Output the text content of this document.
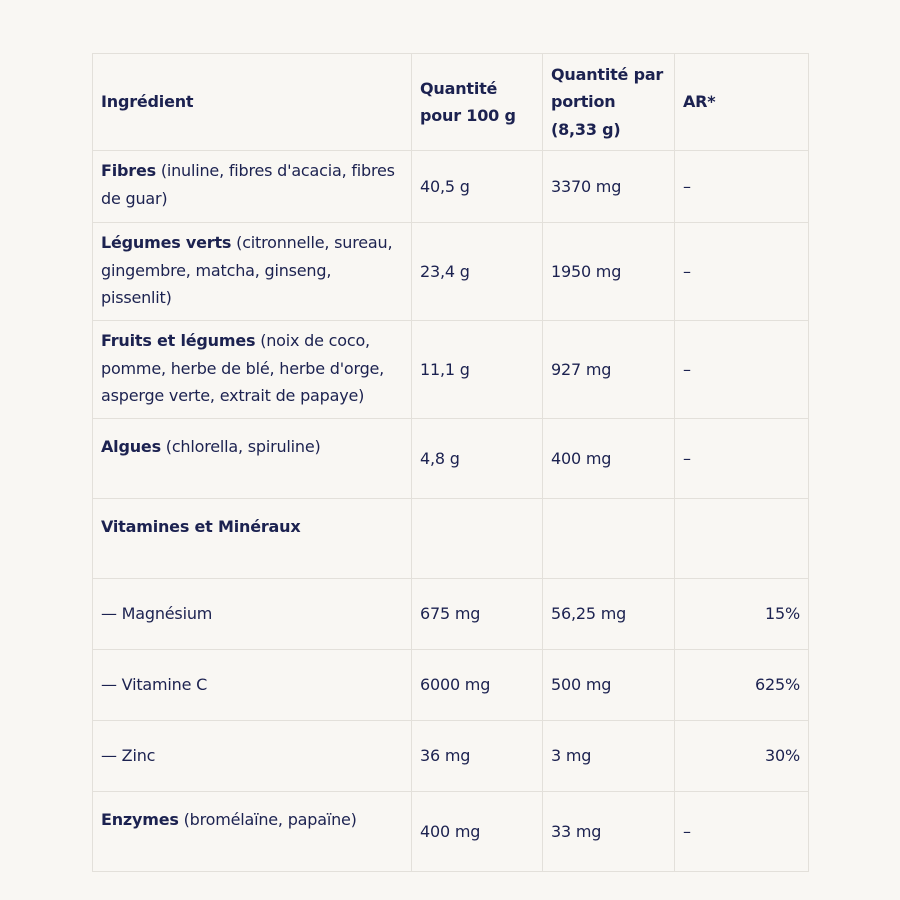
Ingrédient	Quantité pour 100 g	Quantité par portion (8,33 g)	AR*
Fibres (inuline, fibres d'acacia, fibres de guar)	40,5 g	3370 mg	–
Légumes verts (citronnelle, sureau, gingembre, matcha, ginseng, pissenlit)	23,4 g	1950 mg	–
Fruits et légumes (noix de coco, pomme, herbe de blé, herbe d'orge, asperge verte, extrait de papaye)	11,1 g	927 mg	–
Algues (chlorella, spiruline)	4,8 g	400 mg	–
Vitamines et Minéraux			
— Magnésium	675 mg	56,25 mg	15%
— Vitamine C	6000 mg	500 mg	625%
— Zinc	36 mg	3 mg	30%
Enzymes (bromélaïne, papaïne)	400 mg	33 mg	–
